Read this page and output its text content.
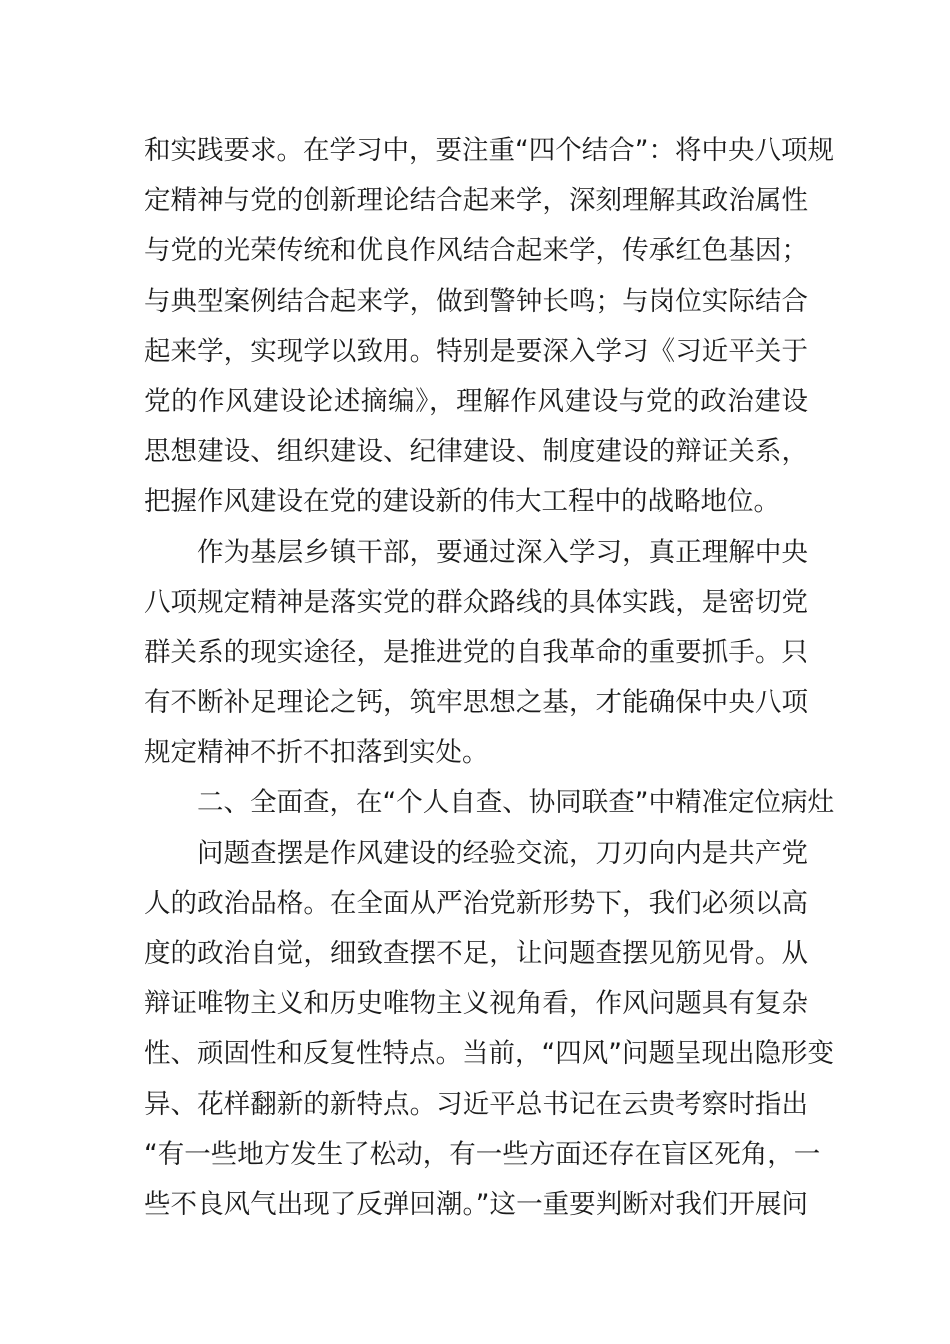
和实践要求。在学习中，要注重“四个结合”：将中央八项规
定精神与党的创新理论结合起来学，深刻理解其政治属性
与党的光荣传统和优良作风结合起来学，传承红色基因；
与典型案例结合起来学，做到警钟长鸣；与岗位实际结合
起来学，实现学以致用。特别是要深入学习《习近平关于
党的作风建设论述摘编》，理解作风建设与党的政治建设
思想建设、组织建设、纪律建设、制度建设的辩证关系，
把握作风建设在党的建设新的伟大工程中的战略地位。
作为基层乡镇干部，要通过深入学习，真正理解中央
八项规定精神是落实党的群众路线的具体实践，是密切党
群关系的现实途径，是推进党的自我革命的重要抓手。只
有不断补足理论之钙，筑牢思想之基，才能确保中央八项
规定精神不折不扣落到实处。
二、全面查，在“个人自查、协同联查”中精准定位病灶
问题查摆是作风建设的经验交流，刀刃向内是共产党
人的政治品格。在全面从严治党新形势下，我们必须以高
度的政治自觉，细致查摆不足，让问题查摆见筋见骨。从
辩证唯物主义和历史唯物主义视角看，作风问题具有复杂
性、顽固性和反复性特点。当前，“四风”问题呈现出隐形变
异、花样翻新的新特点。习近平总书记在云贵考察时指出
“有一些地方发生了松动，有一些方面还存在盲区死角，一
些不良风气出现了反弹回潮。”这一重要判断对我们开展问
